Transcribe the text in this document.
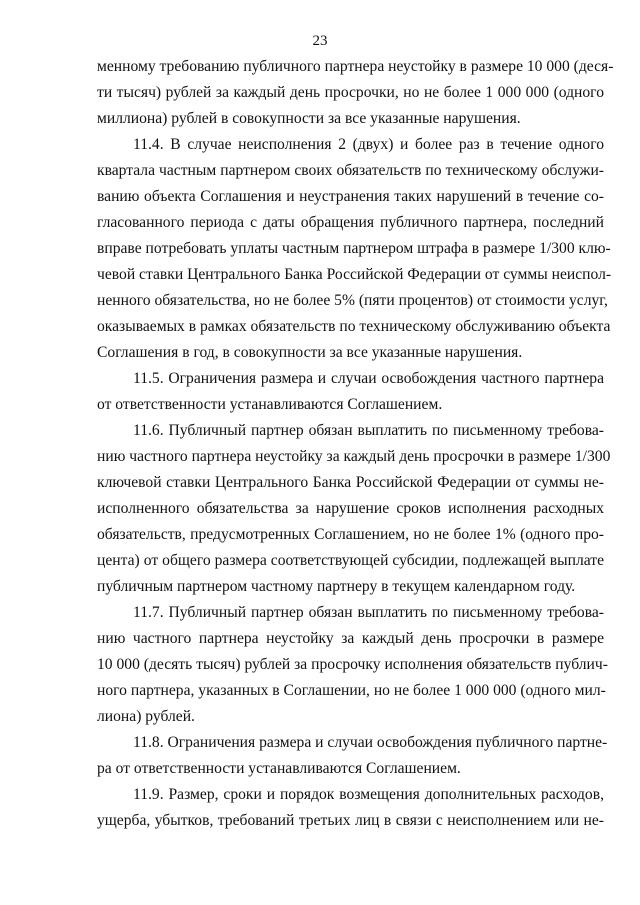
23
менному требованию публичного партнера неустойку в размере 10 000 (деся-
ти тысяч) рублей за каждый день просрочки, но не более 1 000 000 (одного
миллиона) рублей в совокупности за все указанные нарушения.
11.4. В случае неисполнения 2 (двух) и более раз в течение одного
квартала частным партнером своих обязательств по техническому обслужи-
ванию объекта Соглашения и неустранения таких нарушений в течение со-
гласованного периода с даты обращения публичного партнера, последний
вправе потребовать уплаты частным партнером штрафа в размере 1/300 клю-
чевой ставки Центрального Банка Российской Федерации от суммы неиспол-
ненного обязательства, но не более 5% (пяти процентов) от стоимости услуг,
оказываемых в рамках обязательств по техническому обслуживанию объекта
Соглашения в год, в совокупности за все указанные нарушения.
11.5. Ограничения размера и случаи освобождения частного партнера
от ответственности устанавливаются Соглашением.
11.6. Публичный партнер обязан выплатить по письменному требова-
нию частного партнера неустойку за каждый день просрочки в размере 1/300
ключевой ставки Центрального Банка Российской Федерации от суммы не-
исполненного обязательства за нарушение сроков исполнения расходных
обязательств, предусмотренных Соглашением, но не более 1% (одного про-
цента) от общего размера соответствующей субсидии, подлежащей выплате
публичным партнером частному партнеру в текущем календарном году.
11.7. Публичный партнер обязан выплатить по письменному требова-
нию частного партнера неустойку за каждый день просрочки в размере
10 000 (десять тысяч) рублей за просрочку исполнения обязательств публич-
ного партнера, указанных в Соглашении, но не более 1 000 000 (одного мил-
лиона) рублей.
11.8. Ограничения размера и случаи освобождения публичного партне-
ра от ответственности устанавливаются Соглашением.
11.9. Размер, сроки и порядок возмещения дополнительных расходов,
ущерба, убытков, требований третьих лиц в связи с неисполнением или не-
